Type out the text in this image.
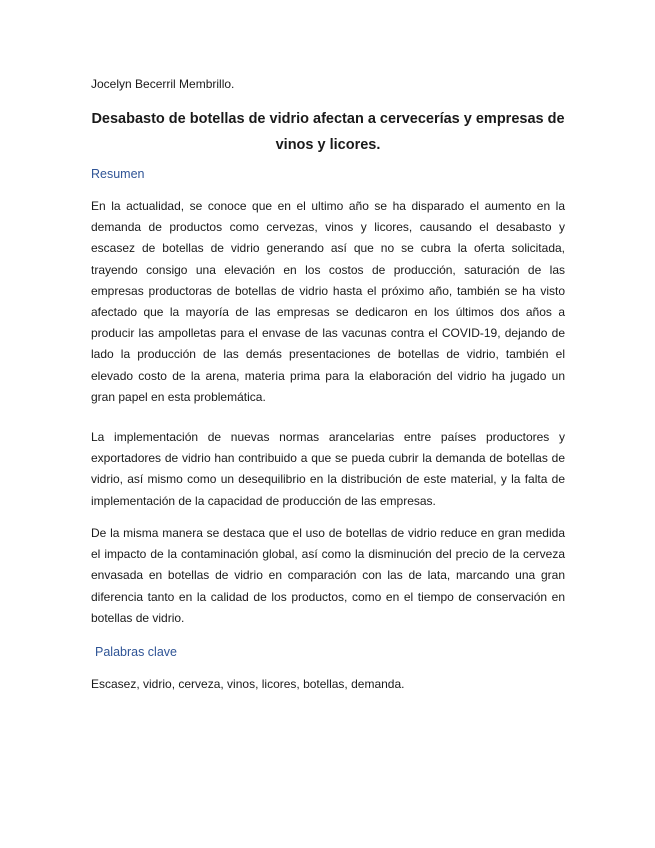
Jocelyn Becerril Membrillo.
Desabasto de botellas de vidrio afectan a cervecerías y empresas de vinos y licores.
Resumen

En la actualidad, se conoce que en el ultimo año se ha disparado el aumento en la demanda de productos como cervezas, vinos y licores, causando el desabasto y escasez de botellas de vidrio generando así que no se cubra la oferta solicitada, trayendo consigo una elevación en los costos de producción, saturación de las empresas productoras de botellas de vidrio hasta el próximo año, también se ha visto afectado que la mayoría de las empresas se dedicaron en los últimos dos años a producir las ampolletas para el envase de las vacunas contra el COVID-19, dejando de lado la producción de las demás presentaciones de botellas de vidrio, también el elevado costo de la arena, materia prima para la elaboración del vidrio ha jugado un gran papel en esta problemática.

La implementación de nuevas normas arancelarias entre países productores y exportadores de vidrio han contribuido a que se pueda cubrir la demanda de botellas de vidrio, así mismo como un desequilibrio en la distribución de este material, y la falta de implementación de la capacidad de producción de las empresas.

De la misma manera se destaca que el uso de botellas de vidrio reduce en gran medida el impacto de la contaminación global, así como la disminución del precio de la cerveza envasada en botellas de vidrio en comparación con las de lata, marcando una gran diferencia tanto en la calidad de los productos, como en el tiempo de conservación en botellas de vidrio.

Palabras clave
Escasez, vidrio, cerveza, vinos, licores, botellas, demanda.
